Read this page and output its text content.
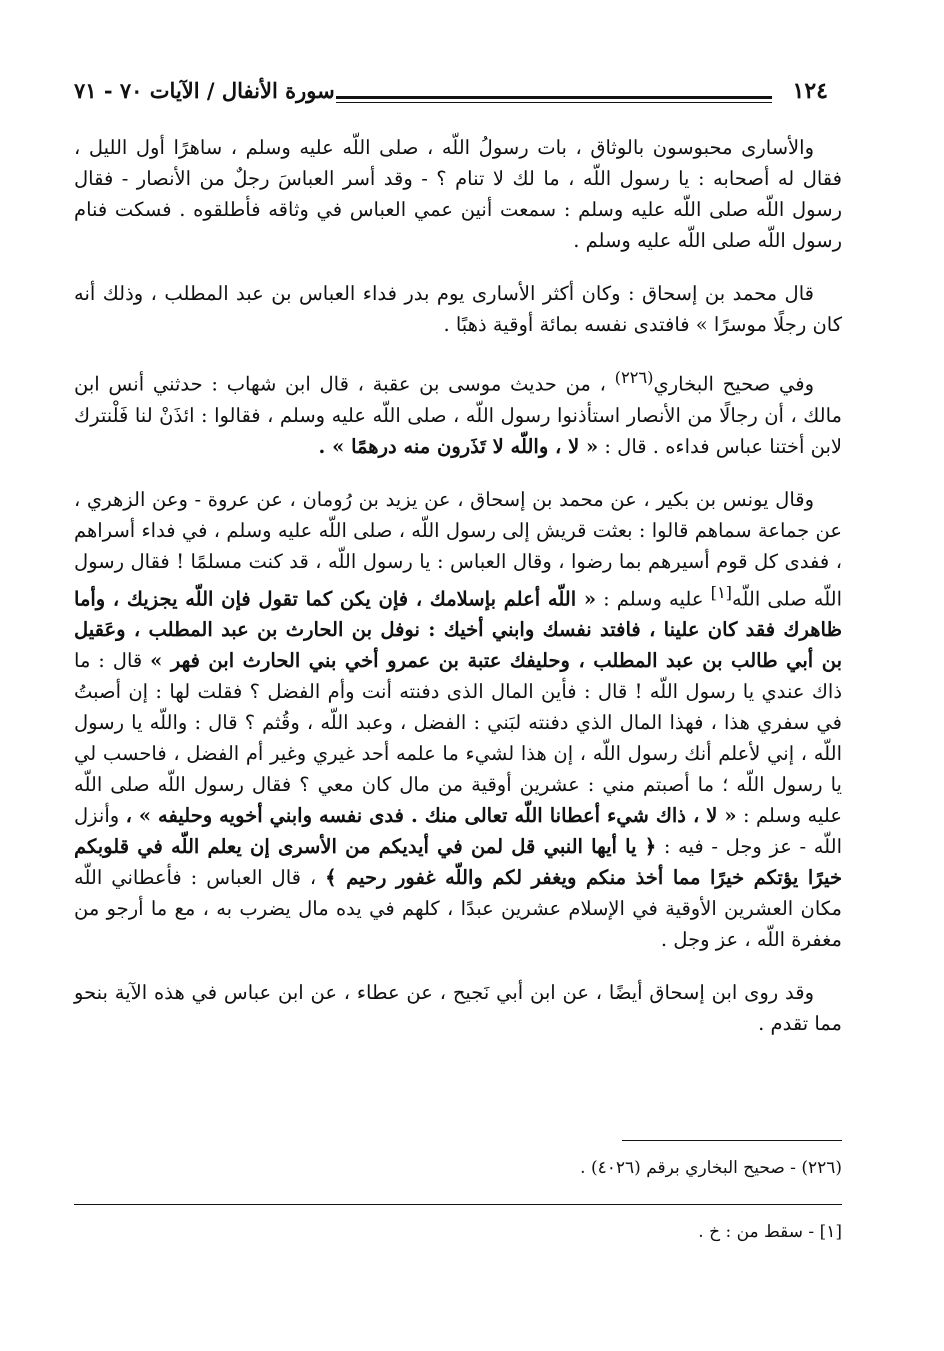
١٢٤
سورة الأنفال / الآيات ٧٠ - ٧١

والأسارى محبوسون بالوثاق ، بات رسولُ اللّه ، صلى اللّه عليه وسلم ، ساهرًا أول الليل ، فقال له أصحابه : يا رسول اللّه ، ما لك لا تنام ؟ - وقد أسر العباسَ رجلٌ من الأنصار - فقال رسول اللّه صلى اللّه عليه وسلم : سمعت أنين عمي العباس في وثاقه فأطلقوه . فسكت فنام رسول اللّه صلى اللّه عليه وسلم .

قال محمد بن إسحاق : وكان أكثر الأسارى يوم بدر فداء العباس بن عبد المطلب ، وذلك أنه كان رجلًا موسرًا » فافتدى نفسه بمائة أوقية ذهبًا .

وفي صحيح البخاري$^{(٢٢٦)}$ ، من حديث موسى بن عقبة ، قال ابن شهاب : حدثني أنس ابن مالك ، أن رجالًا من الأنصار استأذنوا رسول اللّه ، صلى اللّه عليه وسلم ، فقالوا : ائذَنْ لنا فَلْنترك لابن أختنا عباس فداءه . قال : « لا ، واللّه لا تَذَرون منه درهمًا » .

وقال يونس بن بكير ، عن محمد بن إسحاق ، عن يزيد بن رُومان ، عن عروة - وعن الزهري ، عن جماعة سماهم قالوا : بعثت قريش إلى رسول اللّه ، صلى اللّه عليه وسلم ، في فداء أسراهم ، ففدى كل قوم أسيرهم بما رضوا ، وقال العباس : يا رسول اللّه ، قد كنت مسلمًا ! فقال رسول اللّه صلى اللّه[١] عليه وسلم : « اللّه أعلم بإسلامك ، فإن يكن كما تقول فإن اللّه يجزيك ، وأما ظاهرك فقد كان علينا ، فافتد نفسك وابني أخيك : نوفل بن الحارث بن عبد المطلب ، وعَقيل بن أبي طالب بن عبد المطلب ، وحليفك عتبة بن عمرو أخي بني الحارث ابن فهر » قال : ما ذاك عندي يا رسول اللّه ! قال : فأين المال الذى دفنته أنت وأم الفضل ؟ فقلت لها : إن أصبتُ في سفري هذا ، فهذا المال الذي دفنته لبَني : الفضل ، وعبد اللّه ، وقُثم ؟ قال : واللّه يا رسول اللّه ، إني لأعلم أنك رسول اللّه ، إن هذا لشيء ما علمه أحد غيري وغير أم الفضل ، فاحسب لي يا رسول اللّه ؛ ما أصبتم مني : عشرين أوقية من مال كان معي ؟ فقال رسول اللّه صلى اللّه عليه وسلم : « لا ، ذاك شيء أعطانا اللّه تعالى منك . فدى نفسه وابني أخويه وحليفه » ، وأنزل اللّه - عز وجل - فيه : ﴿ يا أيها النبي قل لمن في أيديكم من الأسرى إن يعلم اللّه في قلوبكم خيرًا يؤتكم خيرًا مما أخذ منكم ويغفر لكم واللّه غفور رحيم ﴾ ، قال العباس : فأعطاني اللّه مكان العشرين الأوقية في الإسلام عشرين عبدًا ، كلهم في يده مال يضرب به ، مع ما أرجو من مغفرة اللّه ، عز وجل .

وقد روى ابن إسحاق أيضًا ، عن ابن أبي نَجيح ، عن عطاء ، عن ابن عباس في هذه الآية بنحو مما تقدم .

(٢٢٦) - صحيح البخاري برقم (٤٠٢٦) .
[١] - سقط من : خ .
